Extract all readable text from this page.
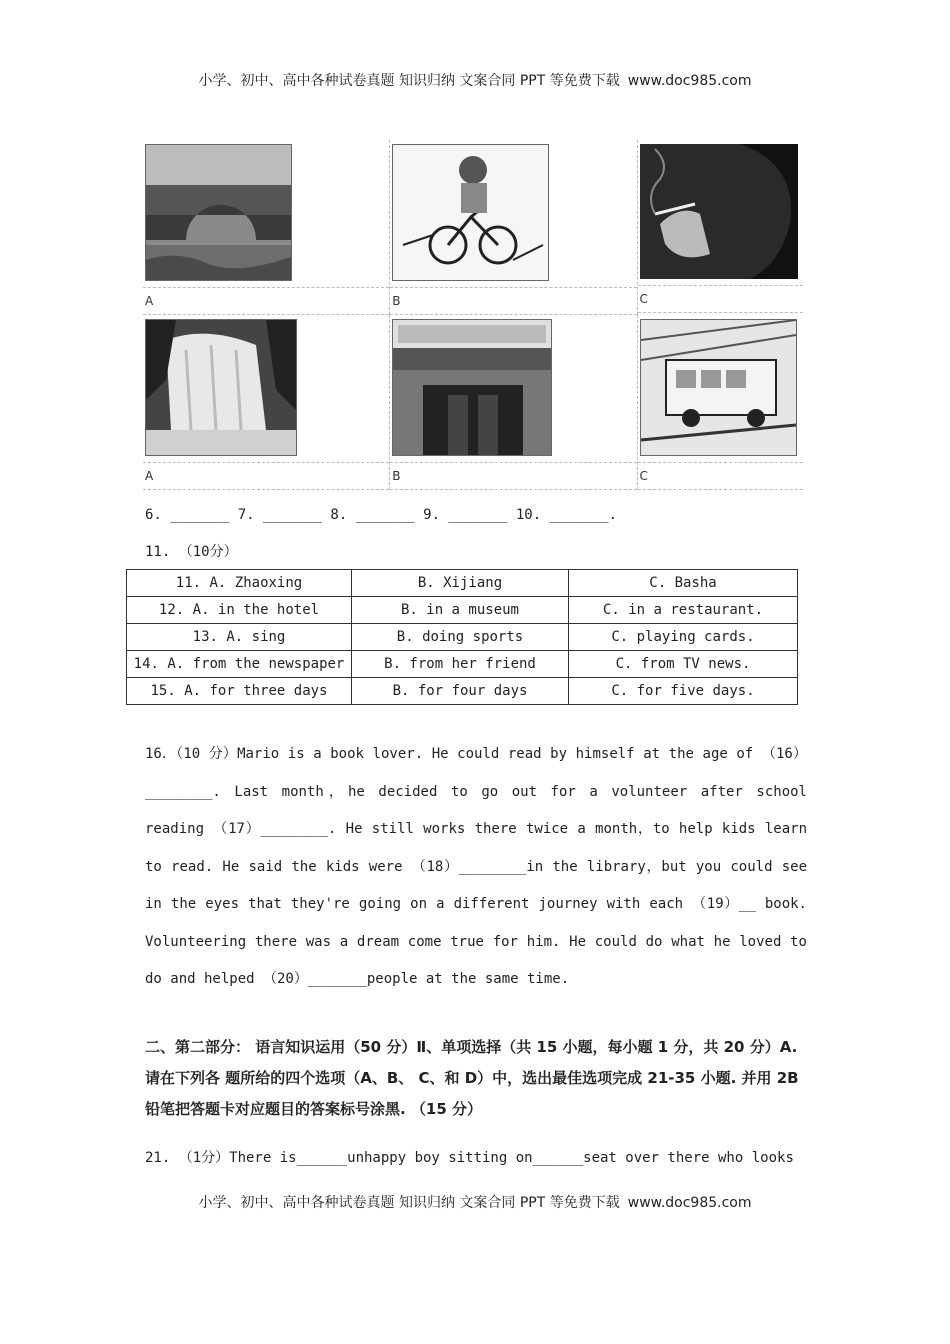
小学、初中、高中各种试卷真题 知识归纳 文案合同 PPT 等免费下载 www.doc985.com
A	B	C
A	B	C
6. _______ 7. _______ 8. _______ 9. _______ 10. _______.
11. （10分）
11. A. Zhaoxing	B. Xijiang	C. Basha
12. A. in the hotel	B. in a museum	C. in a restaurant.
13. A. sing	B. doing sports	C. playing cards.
14. A. from the newspaper	B. from her friend	C. from TV news.
15. A. for three days	B. for four days	C. for five days.
16．（10 分）Mario is a book lover. He could read by himself at the age of （16）________. Last month，he decided to go out for a volunteer after school reading （17）________. He still works there twice a month，to help kids learn to read. He said the kids were （18）________in the library，but you could see in the eyes that they're going on a different journey with each （19）__ book. Volunteering there was a dream come true for him. He could do what he loved to do and helped （20）_______people at the same time.
二、第二部分： 语言知识运用（50 分）Ⅱ、单项选择（共 15 小题，每小题 1 分，共 20 分）A. 请在下列各 题所给的四个选项（A、B、 C、和 D）中，选出最佳选项完成 21-35 小题. 并用 2B 铅笔把答题卡对应题目的答案标号涂黑. （15 分）
21. （1分）There is______unhappy boy sitting on______seat over there who looks
小学、初中、高中各种试卷真题 知识归纳 文案合同 PPT 等免费下载 www.doc985.com
